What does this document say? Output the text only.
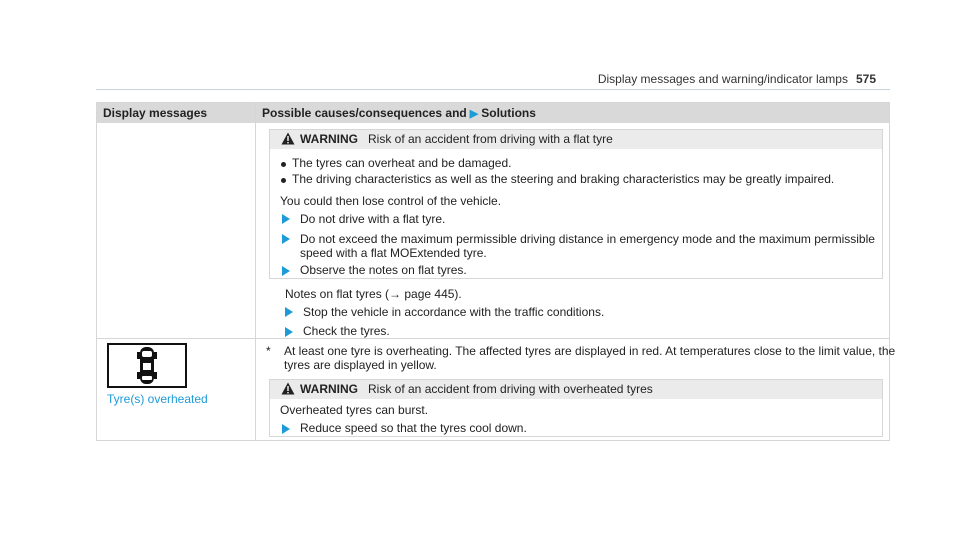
Display messages and warning/indicator lamps 575
Display messages	Possible causes/consequences and ▶ Solutions
WARNING Risk of an accident from driving with a flat tyre
The tyres can overheat and be damaged.
The driving characteristics as well as the steering and braking characteristics may be greatly impaired.
You could then lose control of the vehicle.
Do not drive with a flat tyre.
Do not exceed the maximum permissible driving distance in emergency mode and the maximum permissible
speed with a flat MOExtended tyre.
Observe the notes on flat tyres.
Notes on flat tyres (→ page 445).
Stop the vehicle in accordance with the traffic conditions.
Check the tyres.
Tyre(s) overheated
* At least one tyre is overheating. The affected tyres are displayed in red. At temperatures close to the limit value, the
tyres are displayed in yellow.
WARNING Risk of an accident from driving with overheated tyres
Overheated tyres can burst.
Reduce speed so that the tyres cool down.
